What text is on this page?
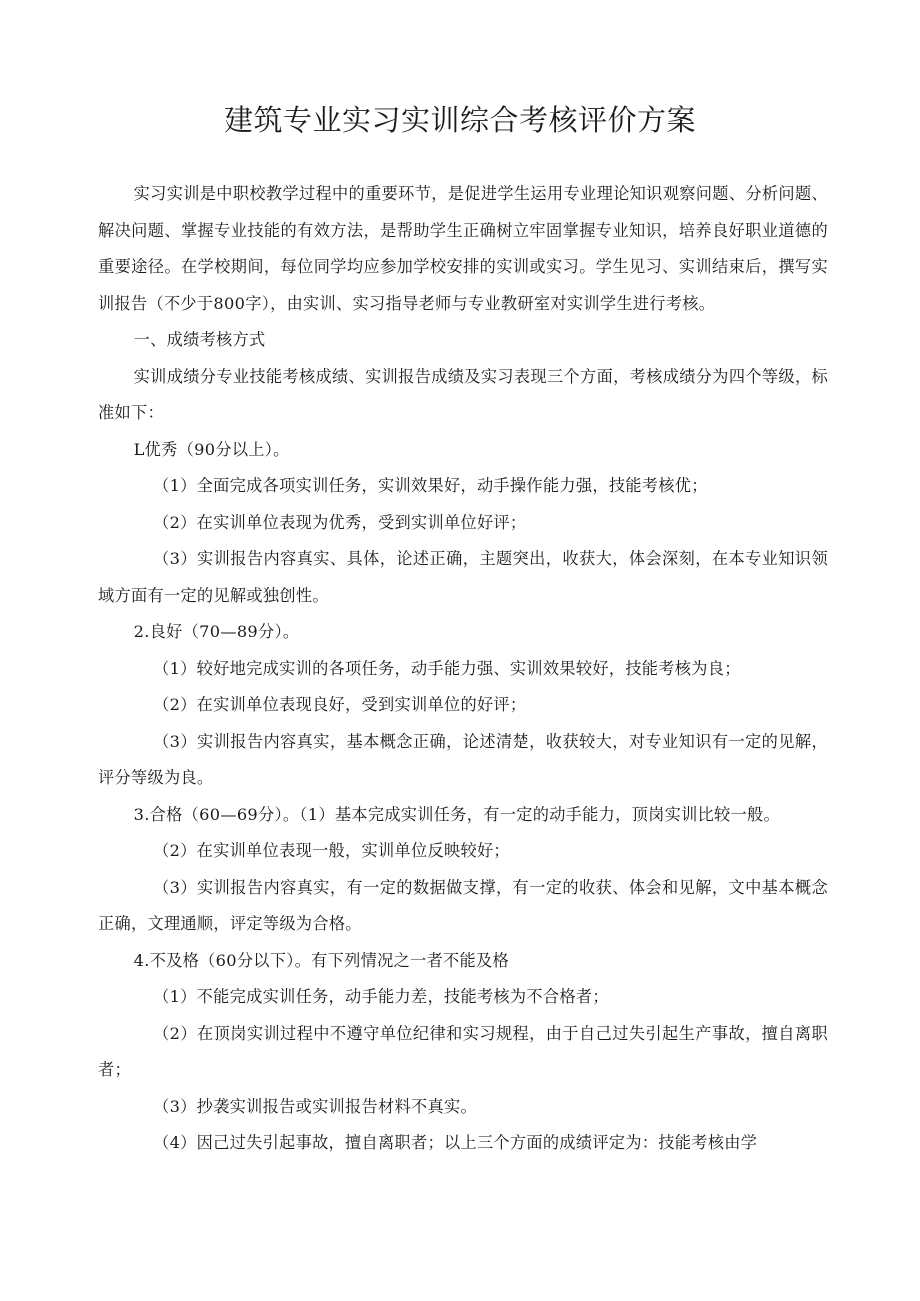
建筑专业实习实训综合考核评价方案

实习实训是中职校教学过程中的重要环节，是促进学生运用专业理论知识观察问题、分析问题、解决问题、掌握专业技能的有效方法，是帮助学生正确树立牢固掌握专业知识，培养良好职业道德的重要途径。在学校期间，每位同学均应参加学校安排的实训或实习。学生见习、实训结束后，撰写实训报告（不少于800字），由实训、实习指导老师与专业教研室对实训学生进行考核。

一、成绩考核方式

实训成绩分专业技能考核成绩、实训报告成绩及实习表现三个方面，考核成绩分为四个等级，标准如下：

L优秀（90分以上）。

（1）全面完成各项实训任务，实训效果好，动手操作能力强，技能考核优；

（2）在实训单位表现为优秀，受到实训单位好评；

（3）实训报告内容真实、具体，论述正确，主题突出，收获大，体会深刻，在本专业知识领域方面有一定的见解或独创性。

2.良好（70—89分）。

（1）较好地完成实训的各项任务，动手能力强、实训效果较好，技能考核为良；

（2）在实训单位表现良好，受到实训单位的好评；

（3）实训报告内容真实，基本概念正确，论述清楚，收获较大，对专业知识有一定的见解，评分等级为良。

3.合格（60—69分）。（1）基本完成实训任务，有一定的动手能力，顶岗实训比较一般。

（2）在实训单位表现一般，实训单位反映较好；

（3）实训报告内容真实，有一定的数据做支撑，有一定的收获、体会和见解，文中基本概念正确，文理通顺，评定等级为合格。

4.不及格（60分以下）。有下列情况之一者不能及格

（1）不能完成实训任务，动手能力差，技能考核为不合格者；

（2）在顶岗实训过程中不遵守单位纪律和实习规程，由于自己过失引起生产事故，擅自离职者；

（3）抄袭实训报告或实训报告材料不真实。

（4）因己过失引起事故，擅自离职者；以上三个方面的成绩评定为：技能考核由学
